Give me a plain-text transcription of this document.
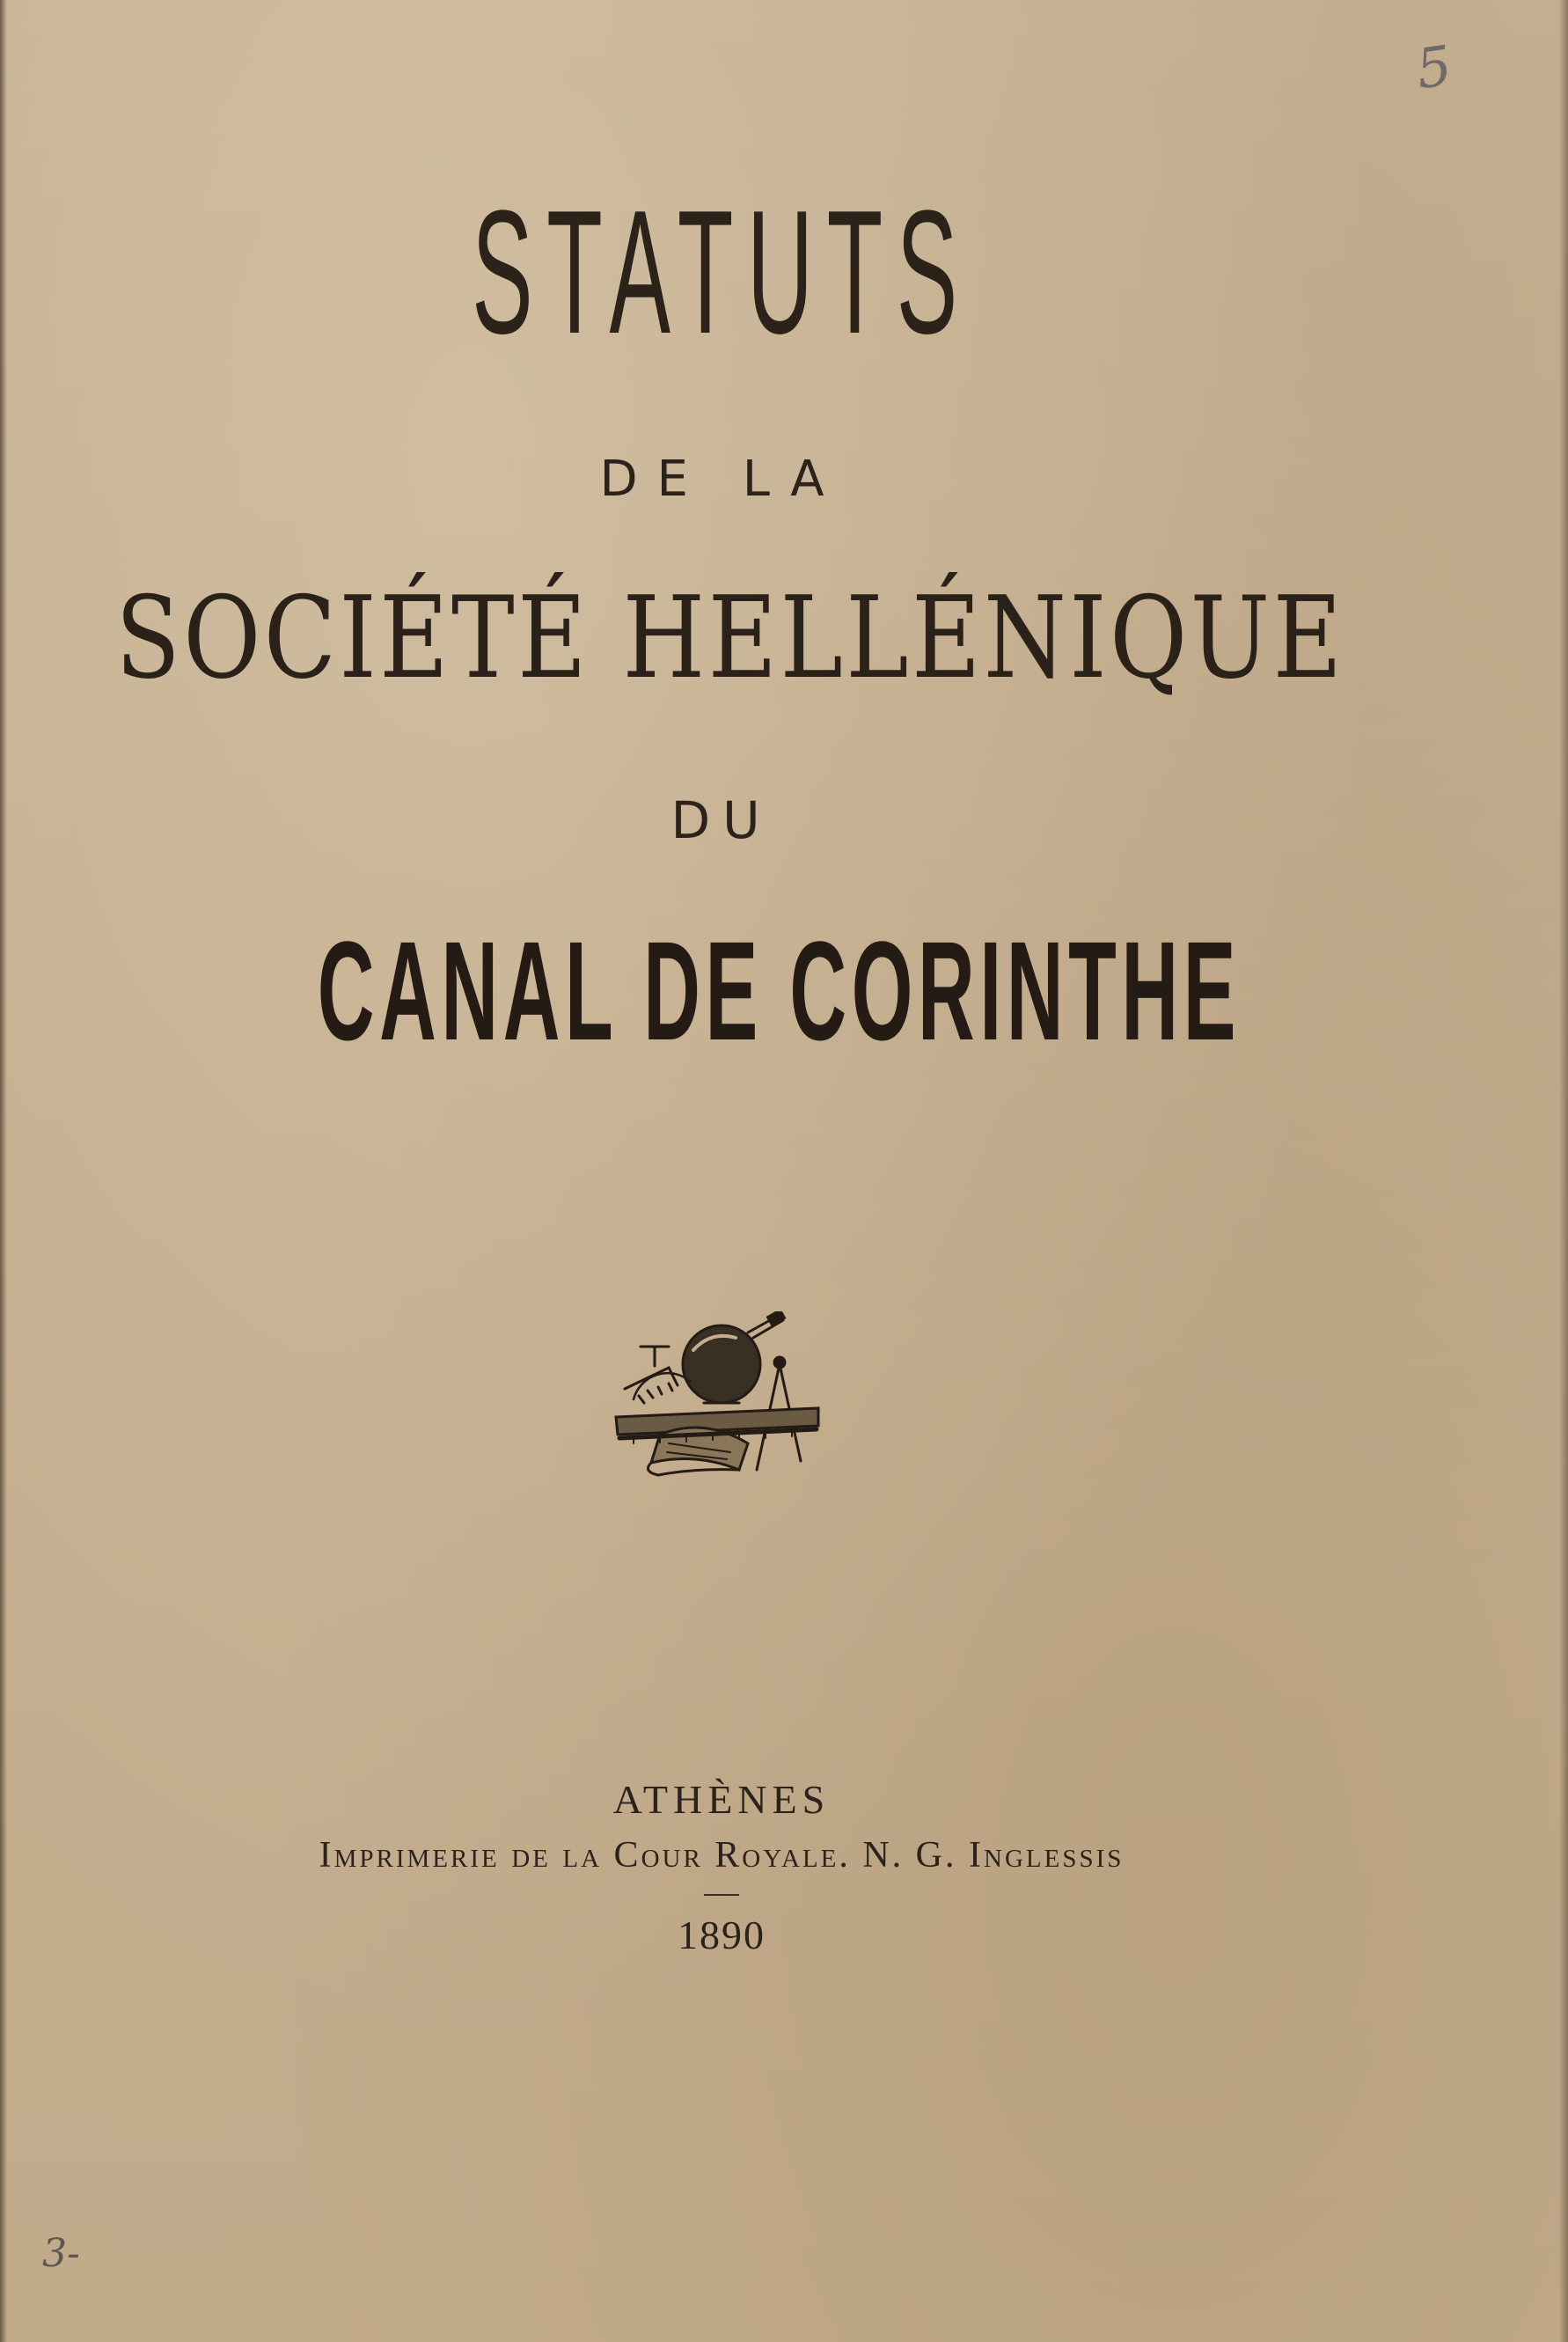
5
STATUTS
DE LA
SOCIÉTÉ HELLÉNIQUE
DU
CANAL DE CORINTHE
ATHÈNES
Imprimerie de la Cour Royale. N. G. Inglessis
1890
3-
